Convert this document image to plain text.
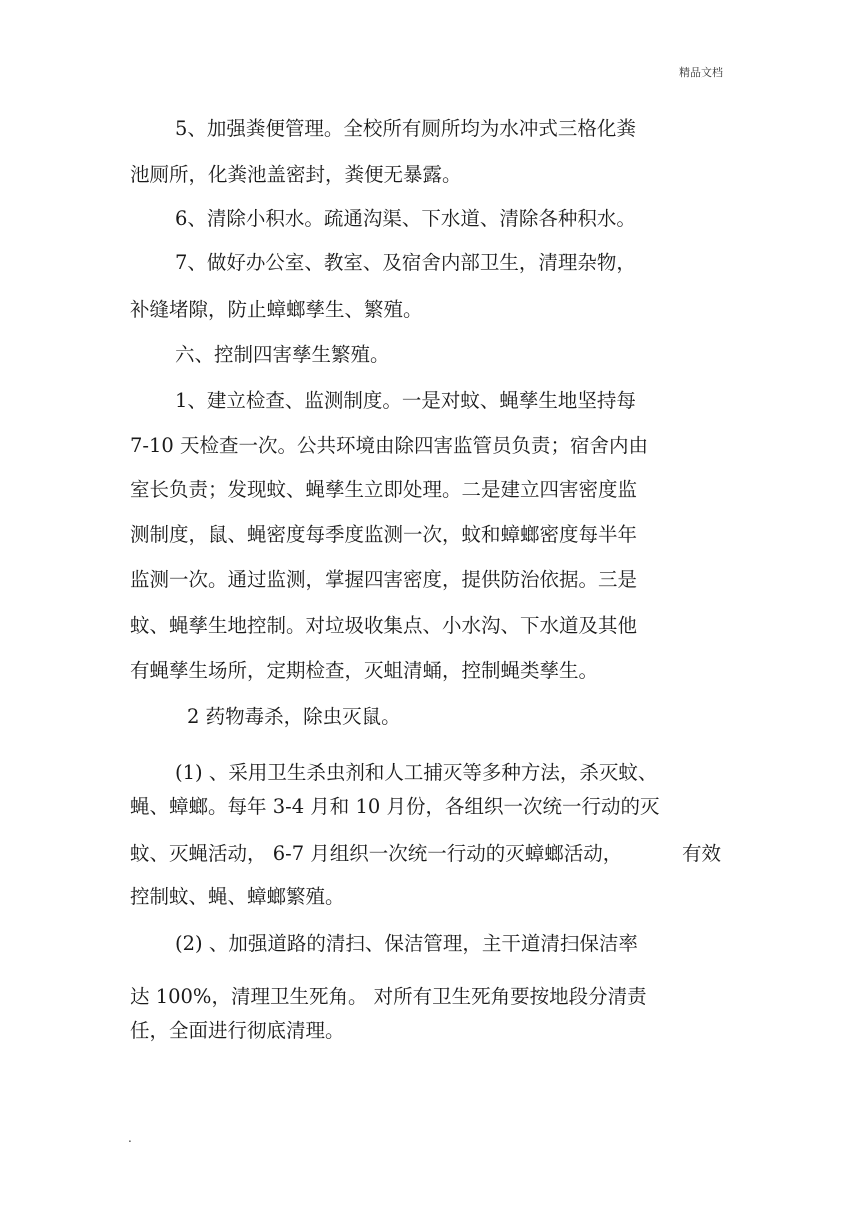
精品文档
5、加强粪便管理。全校所有厕所均为水冲式三格化粪
池厕所，化粪池盖密封，粪便无暴露。
6、清除小积水。疏通沟渠、下水道、清除各种积水。
7、做好办公室、教室、及宿舍内部卫生，清理杂物，
补缝堵隙，防止蟑螂孳生、繁殖。
六、控制四害孳生繁殖。
1、建立检查、监测制度。一是对蚊、蝇孳生地坚持每
7-10 天检查一次。公共环境由除四害监管员负责；宿舍内由
室长负责；发现蚊、蝇孳生立即处理。二是建立四害密度监
测制度，鼠、蝇密度每季度监测一次，蚊和蟑螂密度每半年
监测一次。通过监测，掌握四害密度，提供防治依据。三是
蚊、蝇孳生地控制。对垃圾收集点、小水沟、下水道及其他
有蝇孳生场所，定期检查，灭蛆清蛹，控制蝇类孳生。
2 药物毒杀，除虫灭鼠。
(1) 、采用卫生杀虫剂和人工捕灭等多种方法，杀灭蚊、
蝇、蟑螂。每年 3-4 月和 10 月份，各组织一次统一行动的灭
蚊、灭蝇活动， 6-7 月组织一次统一行动的灭蟑螂活动，	有效
控制蚊、蝇、蟑螂繁殖。
(2) 、加强道路的清扫、保洁管理，主干道清扫保洁率
达 100%，清理卫生死角。 对所有卫生死角要按地段分清责
任，全面进行彻底清理。
.
